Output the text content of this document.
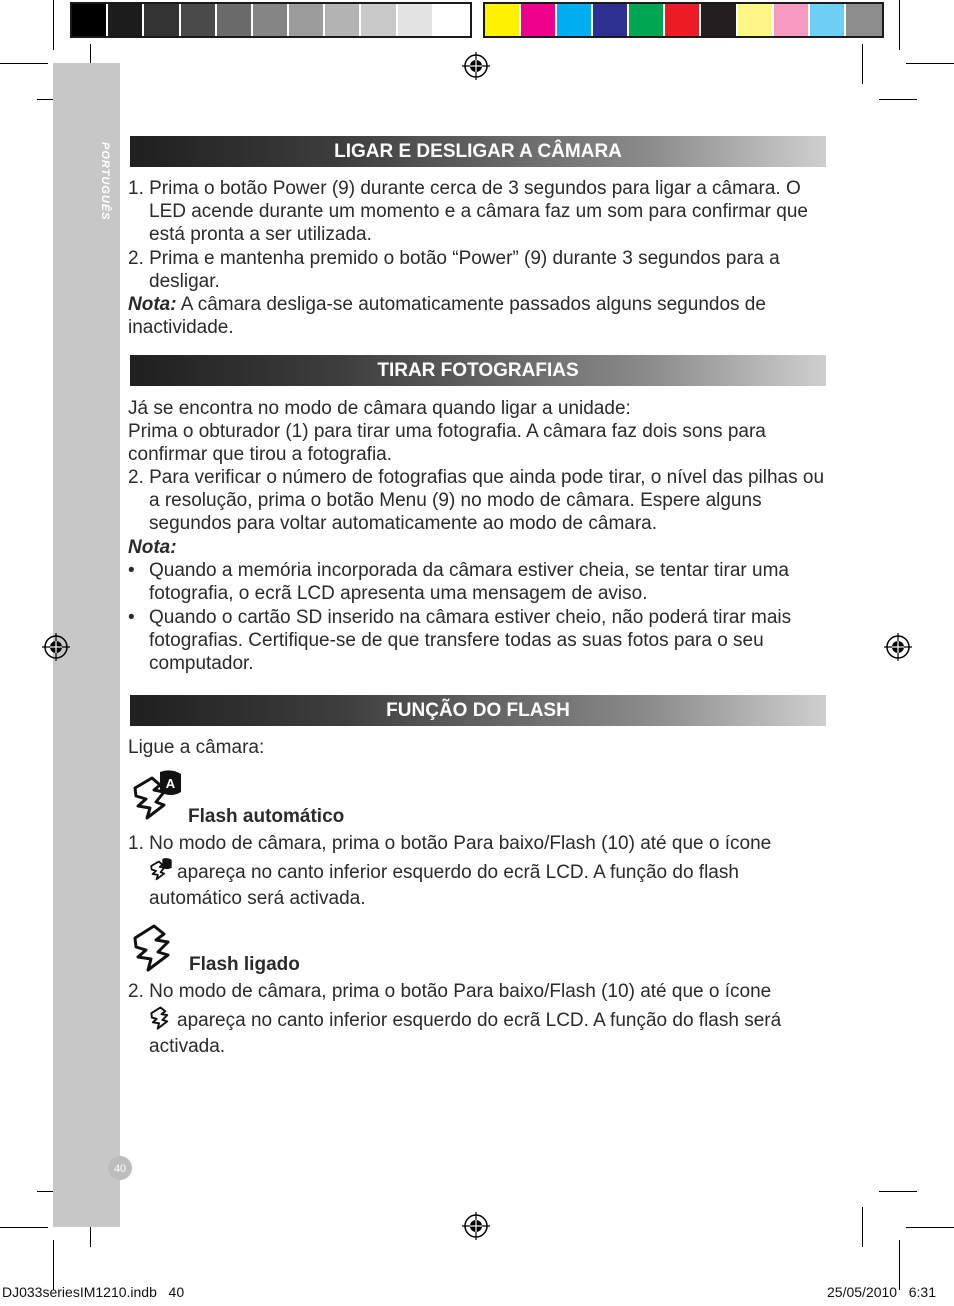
PORTUGUÊS	LIGAR E DESLIGAR A CÂMARA

1. Prima o botão Power (9) durante cerca de 3 segundos para ligar a câmara. O LED acende durante um momento e a câmara faz um som para confirmar que está pronta a ser utilizada.

2. Prima e mantenha premido o botão “Power” (9) durante 3 segundos para a desligar.

Nota: A câmara desliga-se automaticamente passados alguns segundos de inactividade.

TIRAR FOTOGRAFIAS

Já se encontra no modo de câmara quando ligar a unidade:

Prima o obturador (1) para tirar uma fotografia. A câmara faz dois sons para confirmar que tirou a fotografia.

2. Para verificar o número de fotografias que ainda pode tirar, o nível das pilhas ou a resolução, prima o botão Menu (9) no modo de câmara. Espere alguns segundos para voltar automaticamente ao modo de câmara.

Nota:

• Quando a memória incorporada da câmara estiver cheia, se tentar tirar uma fotografia, o ecrã LCD apresenta uma mensagem de aviso.
• Quando o cartão SD inserido na câmara estiver cheio, não poderá tirar mais fotografias. Certifique-se de que transfere todas as suas fotos para o seu computador.
FUNÇÃO DO FLASH

Ligue a câmara:

A
Flash automático

1. No modo de câmara, prima o botão Para baixo/Flash (10) até que o ícone

apareça no canto inferior esquerdo do ecrã LCD. A função do flash automático será activada.

Flash ligado

2. No modo de câmara, prima o botão Para baixo/Flash (10) até que o ícone

apareça no canto inferior esquerdo do ecrã LCD. A função do flash será activada.

40
DJ033seriesIM1210.indb   40	25/05/2010   6:31
